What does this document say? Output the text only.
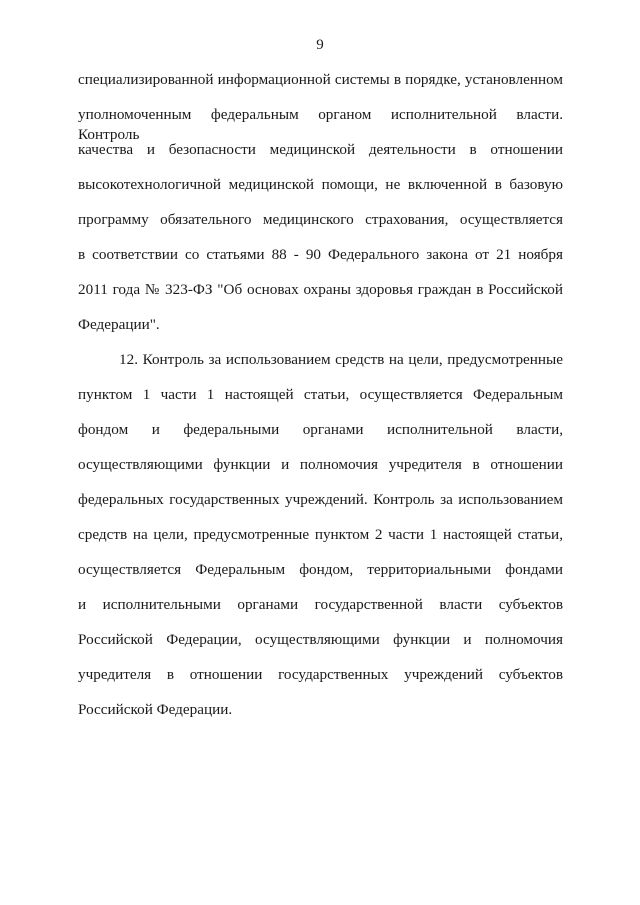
9
специализированной информационной системы в порядке, установленном
уполномоченным федеральным органом исполнительной власти. Контроль
качества и безопасности медицинской деятельности в отношении
высокотехнологичной медицинской помощи, не включенной в базовую
программу обязательного медицинского страхования, осуществляется
в соответствии со статьями 88 - 90 Федерального закона от 21 ноября
2011 года № 323-ФЗ "Об основах охраны здоровья граждан в Российской
Федерации".
12. Контроль за использованием средств на цели, предусмотренные
пунктом 1 части 1 настоящей статьи, осуществляется Федеральным
фондом и федеральными органами исполнительной власти,
осуществляющими функции и полномочия учредителя в отношении
федеральных государственных учреждений. Контроль за использованием
средств на цели, предусмотренные пунктом 2 части 1 настоящей статьи,
осуществляется Федеральным фондом, территориальными фондами
и исполнительными органами государственной власти субъектов
Российской Федерации, осуществляющими функции и полномочия
учредителя в отношении государственных учреждений субъектов
Российской Федерации.
